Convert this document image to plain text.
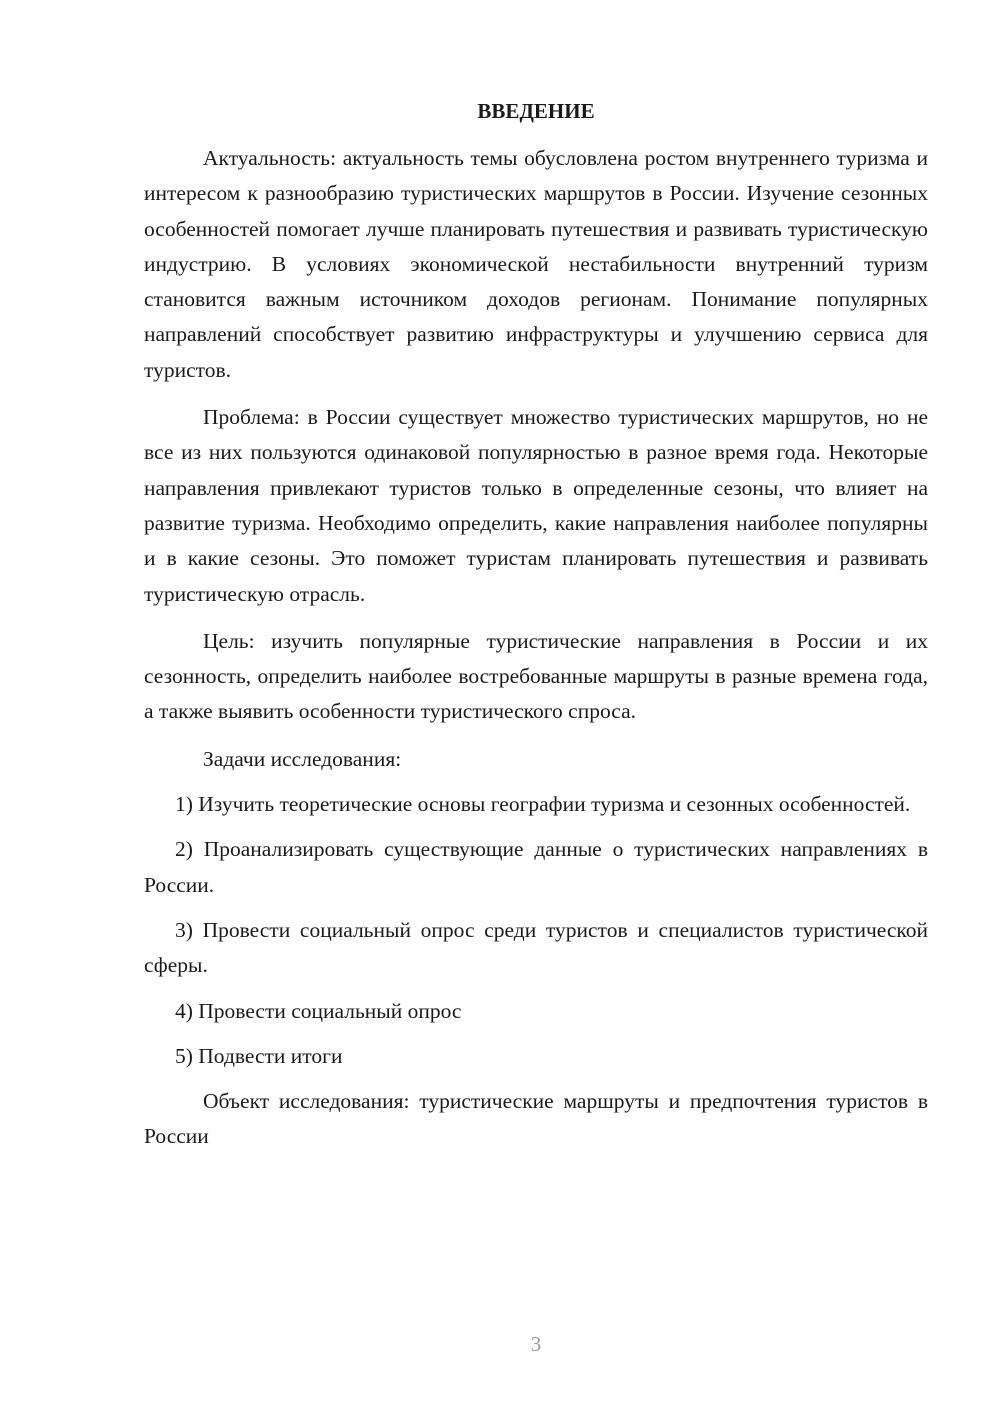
ВВЕДЕНИЕ

Актуальность: актуальность темы обусловлена ростом внутреннего туризма и интересом к разнообразию туристических маршрутов в России. Изучение сезонных особенностей помогает лучше планировать путешествия и развивать туристическую индустрию. В условиях экономической нестабильности внутренний туризм становится важным источником доходов регионам. Понимание популярных направлений способствует развитию инфраструктуры и улучшению сервиса для туристов.

Проблема: в России существует множество туристических маршрутов, но не все из них пользуются одинаковой популярностью в разное время года. Некоторые направления привлекают туристов только в определенные сезоны, что влияет на развитие туризма. Необходимо определить, какие направления наиболее популярны и в какие сезоны. Это поможет туристам планировать путешествия и развивать туристическую отрасль.

Цель: изучить популярные туристические направления в России и их сезонность, определить наиболее востребованные маршруты в разные времена года, а также выявить особенности туристического спроса.

Задачи исследования:

1) Изучить теоретические основы географии туризма и сезонных особенностей.

2) Проанализировать существующие данные о туристических направлениях в России.

3) Провести социальный опрос среди туристов и специалистов туристической сферы.

4) Провести социальный опрос

5) Подвести итоги

Объект исследования: туристические маршруты и предпочтения туристов в России

3
